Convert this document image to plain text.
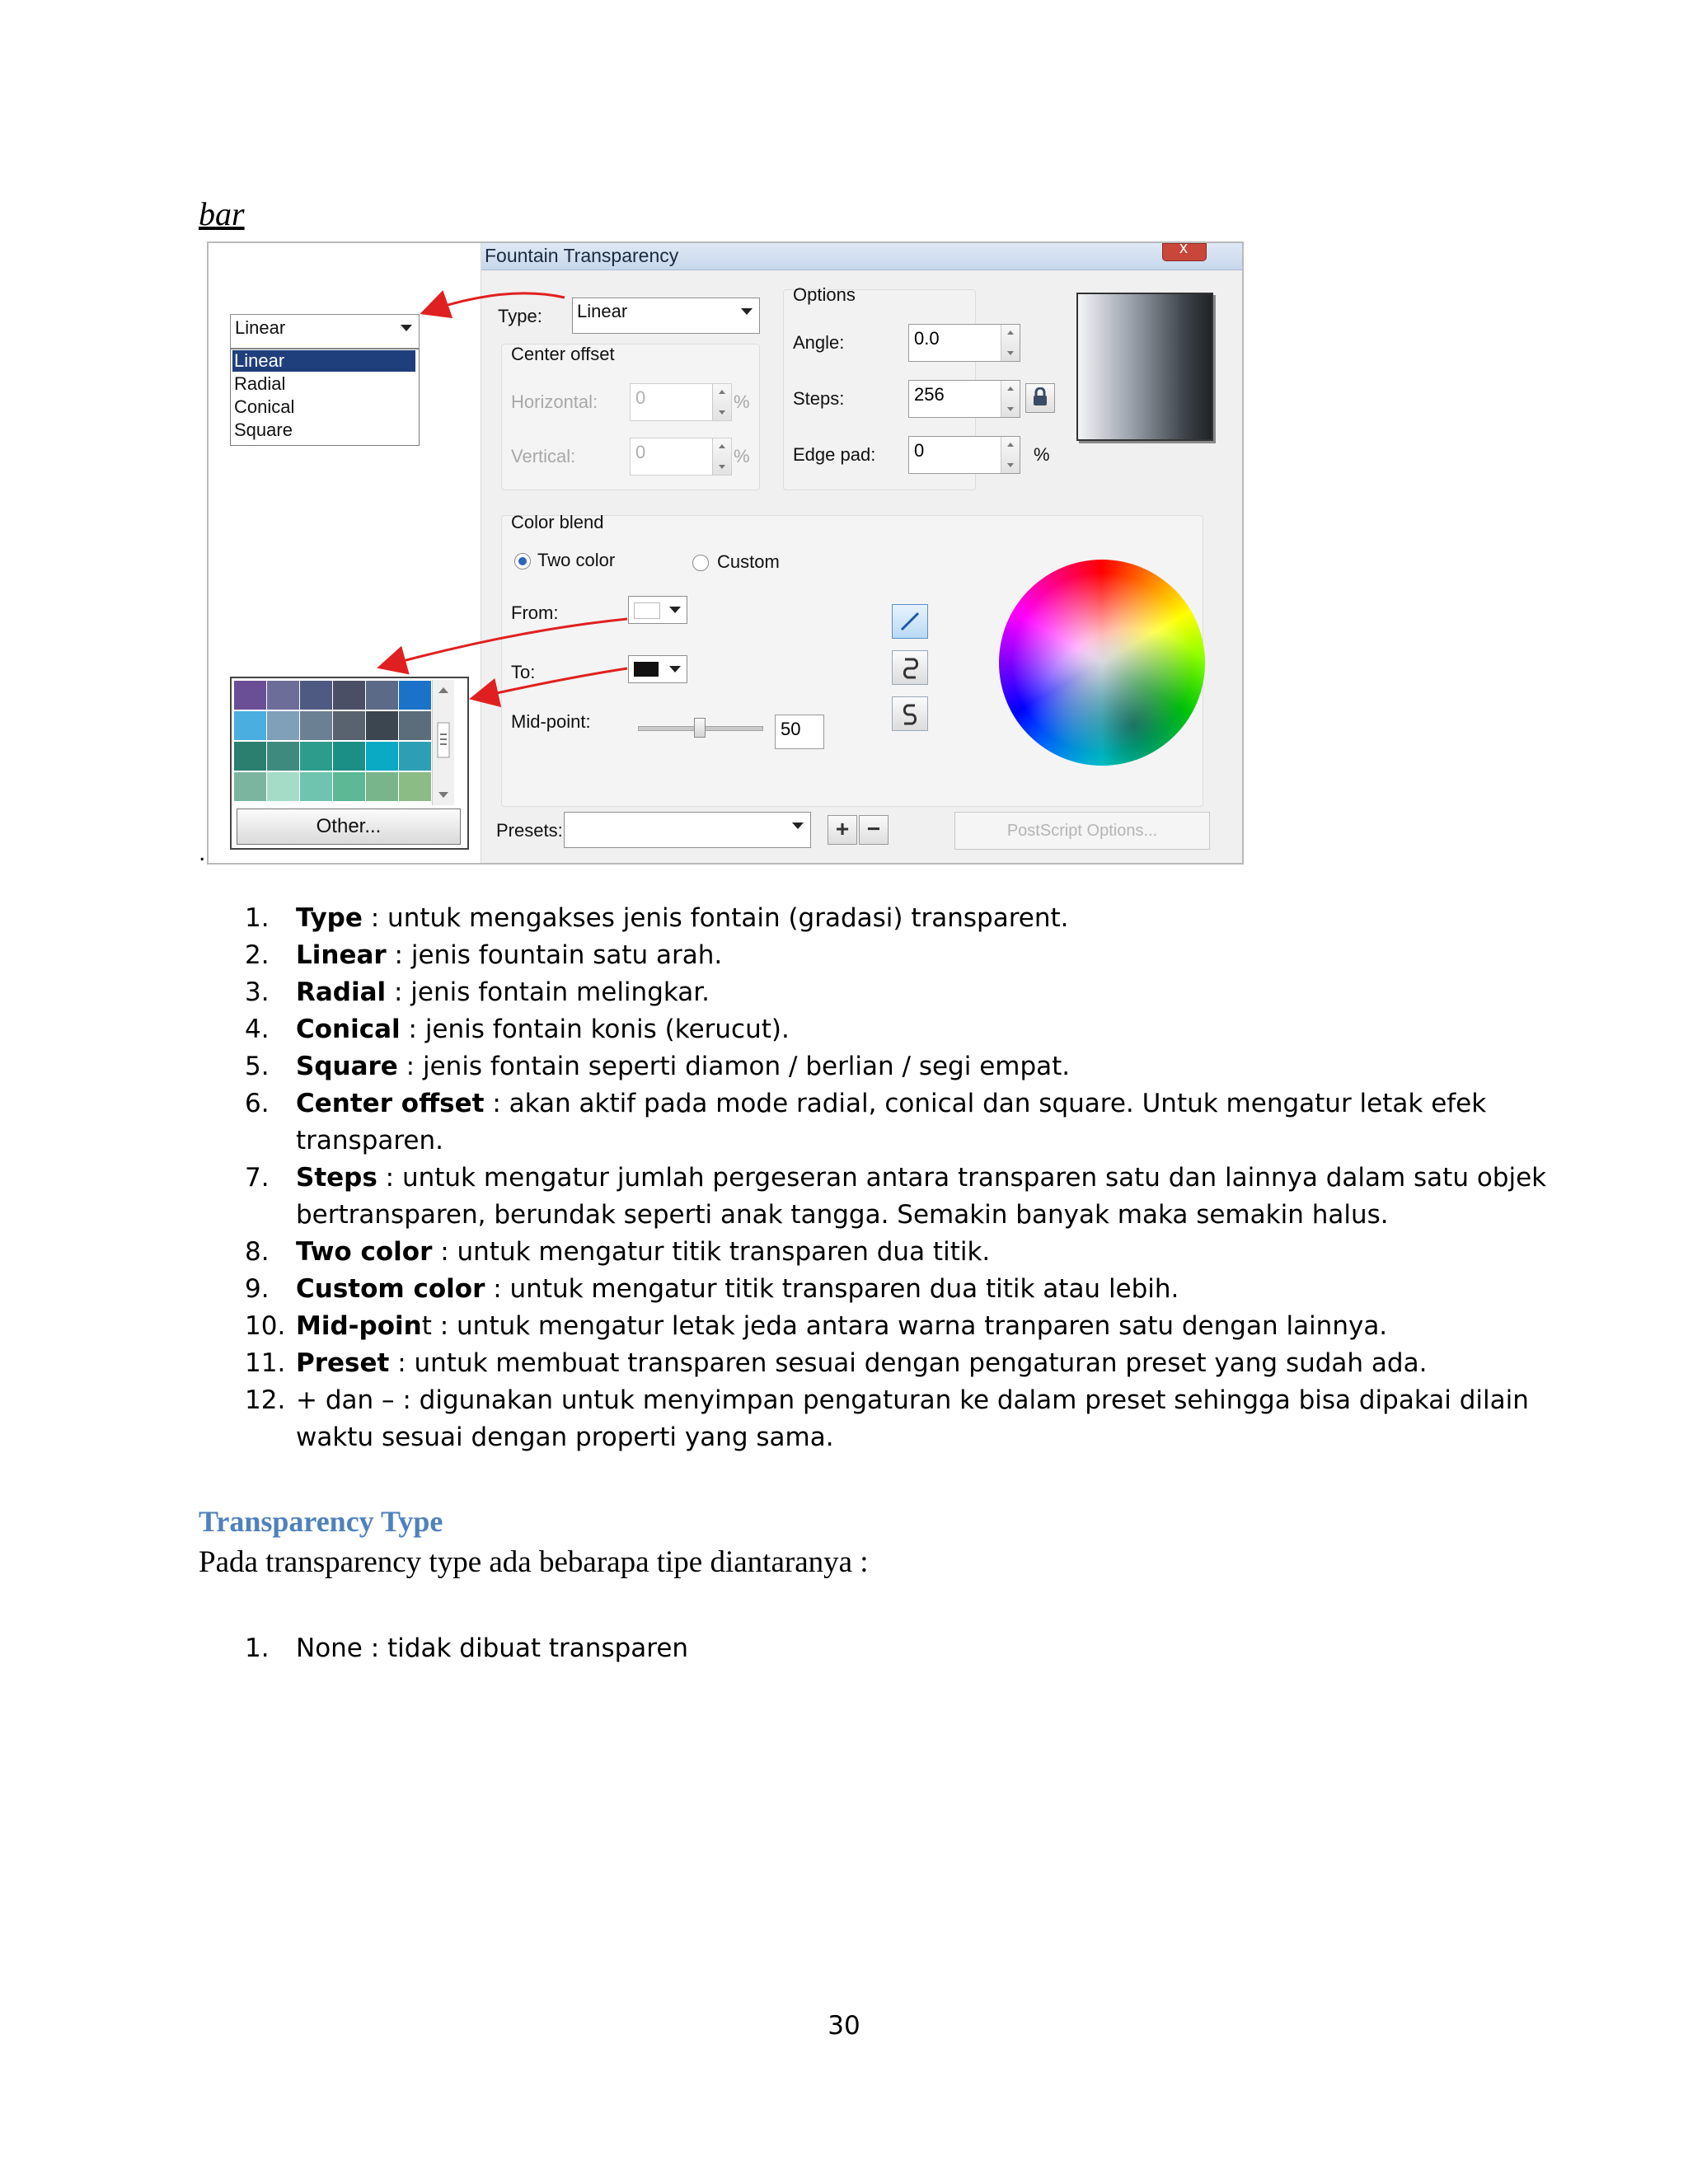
bar
Fountain Transparency
x
Type: Linear
Center offset
Horizontal: 0	%
Vertical:	0	%
Options
Angle:	0.0
Steps:	256
Edge pad: 0	%
Color blend
Two color	Custom
From:
To:
Mid-point:	50
Presets:	+ −	PostScript Options...
Linear
Linear
Radial
Conical
Square
Other...
.
1.	Type : untuk mengakses jenis fontain (gradasi) transparent.
2.	Linear : jenis fountain satu arah.
3.	Radial : jenis fontain melingkar.
4.	Conical : jenis fontain konis (kerucut).
5.	Square : jenis fontain seperti diamon / berlian / segi empat.
6.	Center offset : akan aktif pada mode radial, conical dan square. Untuk mengatur letak efek transparen.
7.	Steps : untuk mengatur jumlah pergeseran antara transparen satu dan lainnya dalam satu objek bertransparen, berundak seperti anak tangga. Semakin banyak maka semakin halus.
8.	Two color : untuk mengatur titik transparen dua titik.
9.	Custom color : untuk mengatur titik transparen dua titik atau lebih.
10. Mid-point : untuk mengatur letak jeda antara warna tranparen satu dengan lainnya.
11. Preset : untuk membuat transparen sesuai dengan pengaturan preset yang sudah ada.
12. + dan – : digunakan untuk menyimpan pengaturan ke dalam preset sehingga bisa dipakai dilain waktu sesuai dengan properti yang sama.
Transparency Type
Pada transparency type ada bebarapa tipe diantaranya :
1.	None : tidak dibuat transparen
30
